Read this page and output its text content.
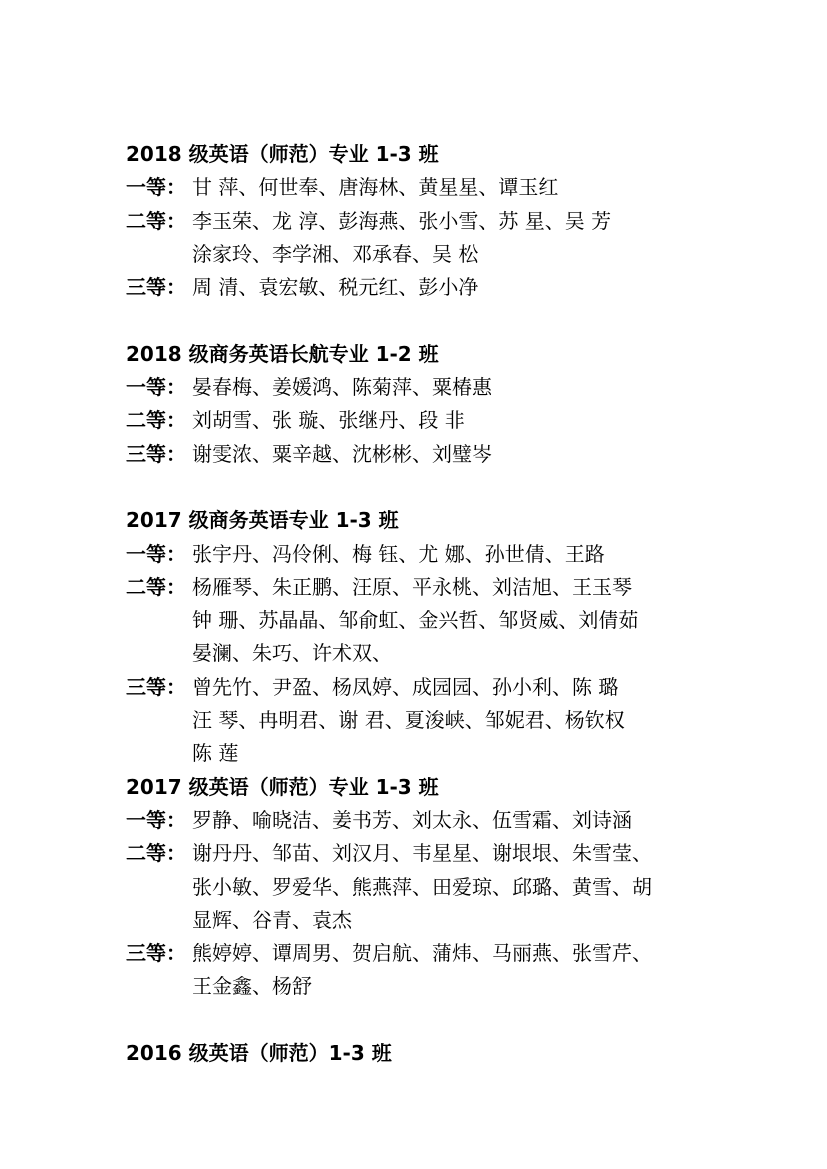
2018 级英语（师范）专业 1-3 班
一等： 甘 萍、何世奉、唐海林、黄星星、谭玉红
二等： 李玉荣、龙 淳、彭海燕、张小雪、苏 星、吴 芳
涂家玲、李学湘、邓承春、吴 松
三等： 周 清、袁宏敏、税元红、彭小净
2018 级商务英语长航专业 1-2 班
一等： 晏春梅、姜媛鸿、陈菊萍、粟椿惠
二等： 刘胡雪、张 璇、张继丹、段 非
三等： 谢雯浓、粟辛越、沈彬彬、刘璧岑
2017 级商务英语专业 1-3 班
一等： 张宇丹、冯伶俐、梅 钰、尤 娜、孙世倩、王路
二等： 杨雁琴、朱正鹏、汪原、平永桃、刘洁旭、王玉琴
钟 珊、苏晶晶、邹俞虹、金兴哲、邹贤威、刘倩茹
晏澜、朱巧、许术双、
三等： 曾先竹、尹盈、杨凤婷、成园园、孙小利、陈 璐
汪 琴、冉明君、谢 君、夏浚峡、邹妮君、杨钦权
陈 莲
2017 级英语（师范）专业 1-3 班
一等： 罗静、喻晓洁、姜书芳、刘太永、伍雪霜、刘诗涵
二等： 谢丹丹、邹苗、刘汉月、韦星星、谢垠垠、朱雪莹、
张小敏、罗爱华、熊燕萍、田爱琼、邱璐、黄雪、胡
显辉、谷青、袁杰
三等： 熊婷婷、谭周男、贺启航、蒲炜、马丽燕、张雪芹、
王金鑫、杨舒
2016 级英语（师范）1-3 班
